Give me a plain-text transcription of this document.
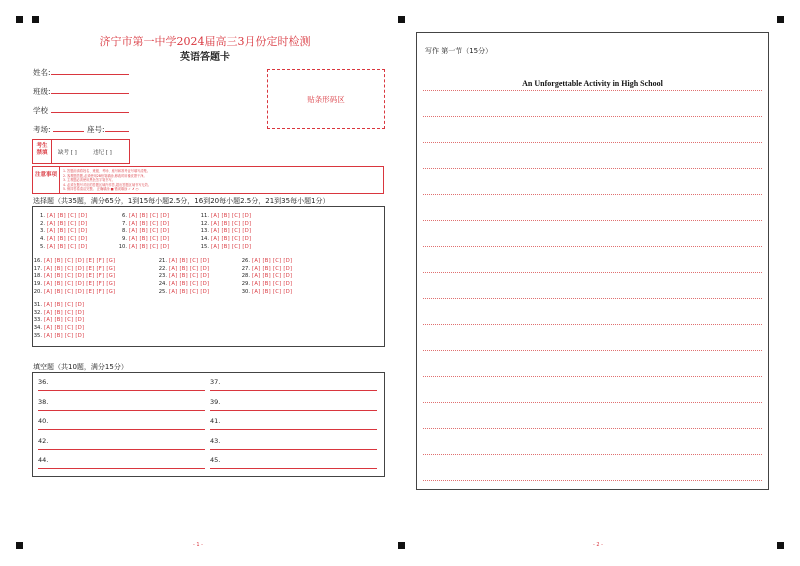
济宁市第一中学2024届高三3月份定时检测
英语答题卡
姓名:
班级:
学校
考场:	座号:
贴条形码区
考生禁填 缺考 [ ]	违纪 [ ]
注意事项
1. 答题前请将姓名、班级、考场、座号和准考证号填写清楚。
2. 客观题答题,必须使用2B铅笔填涂,修改时用橡皮擦干净。
3. 主观题必须使用黑色签字笔书写。
4. 必须在题号对应的答题区域内作答,超出答题区域书写无效。
5. 保持答卷清洁完整。 正确填涂 ■ 错误填涂 ✓ ✗ ○
选择题（共35题，满分65分，1到15每小题2.5分，16到20每小题2.5分，21到35每小题1分）
1. [A] [B] [C] [D]
2. [A] [B] [C] [D]
3. [A] [B] [C] [D]
4. [A] [B] [C] [D]
5. [A] [B] [C] [D]
6. [A] [B] [C] [D]
7. [A] [B] [C] [D]
8. [A] [B] [C] [D]
9. [A] [B] [C] [D]
10. [A] [B] [C] [D]
11. [A] [B] [C] [D]
12. [A] [B] [C] [D]
13. [A] [B] [C] [D]
14. [A] [B] [C] [D]
15. [A] [B] [C] [D]
16. [A] [B] [C] [D] [E] [F] [G]
17. [A] [B] [C] [D] [E] [F] [G]
18. [A] [B] [C] [D] [E] [F] [G]
19. [A] [B] [C] [D] [E] [F] [G]
20. [A] [B] [C] [D] [E] [F] [G]
21. [A] [B] [C] [D]
22. [A] [B] [C] [D]
23. [A] [B] [C] [D]
24. [A] [B] [C] [D]
25. [A] [B] [C] [D]
26. [A] [B] [C] [D]
27. [A] [B] [C] [D]
28. [A] [B] [C] [D]
29. [A] [B] [C] [D]
30. [A] [B] [C] [D]
31. [A] [B] [C] [D]
32. [A] [B] [C] [D]
33. [A] [B] [C] [D]
34. [A] [B] [C] [D]
35. [A] [B] [C] [D]
填空题（共10题，满分15分）
36.	37.
38.	39.
40.	41.
42.	43.
44.	45.
写作 第一节（15分）
An Unforgettable Activity in High School
- 1 -	- 2 -
